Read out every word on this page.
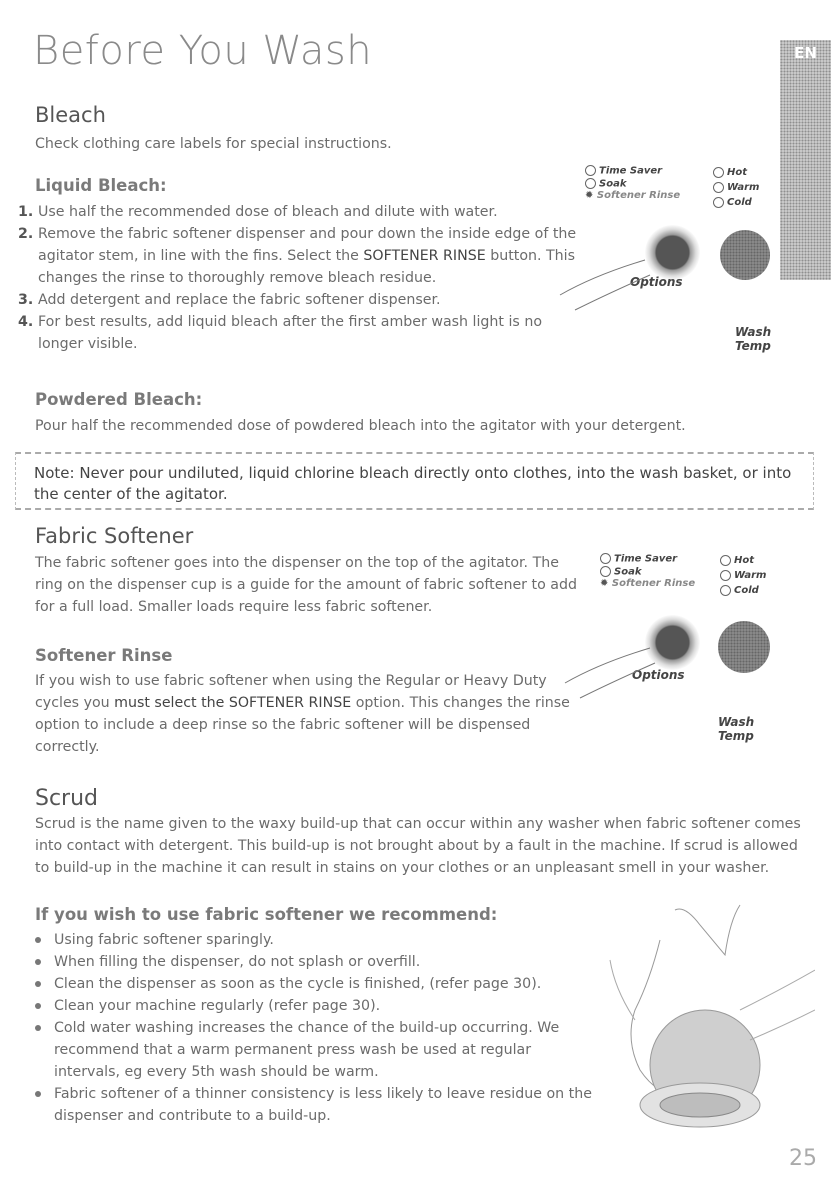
Before You Wash	EN
Bleach
Check clothing care labels for special instructions.
Liquid Bleach:
1. Use half the recommended dose of bleach and dilute with water.
2. Remove the fabric softener dispenser and pour down the inside edge of the agitator stem, in line with the fins. Select the SOFTENER RINSE button. This changes the rinse to thoroughly remove bleach residue.
3. Add detergent and replace the fabric softener dispenser.
4. For best results, add liquid bleach after the first amber wash light is no longer visible.
Time Saver
Soak
✹ Softener Rinse
Hot
Warm
Cold
Options
Wash Temp
Powdered Bleach:
Pour half the recommended dose of powdered bleach into the agitator with your detergent.
Note: Never pour undiluted, liquid chlorine bleach directly onto clothes, into the wash basket, or into the center of the agitator.
Fabric Softener
The fabric softener goes into the dispenser on the top of the agitator. The ring on the dispenser cup is a guide for the amount of fabric softener to add for a full load. Smaller loads require less fabric softener.
Softener Rinse
If you wish to use fabric softener when using the Regular or Heavy Duty cycles you must select the SOFTENER RINSE option. This changes the rinse option to include a deep rinse so the fabric softener will be dispensed correctly.
Time Saver
Soak
✹ Softener Rinse
Hot
Warm
Cold
Options
Wash Temp
Scrud
Scrud is the name given to the waxy build-up that can occur within any washer when fabric softener comes into contact with detergent. This build-up is not brought about by a fault in the machine. If scrud is allowed to build-up in the machine it can result in stains on your clothes or an unpleasant smell in your washer.
If you wish to use fabric softener we recommend:
Using fabric softener sparingly.
When filling the dispenser, do not splash or overfill.
Clean the dispenser as soon as the cycle is finished, (refer page 30).
Clean your machine regularly (refer page 30).
Cold water washing increases the chance of the build-up occurring. We recommend that a warm permanent press wash be used at regular intervals, eg every 5th wash should be warm.
Fabric softener of a thinner consistency is less likely to leave residue on the dispenser and contribute to a build-up.
25
